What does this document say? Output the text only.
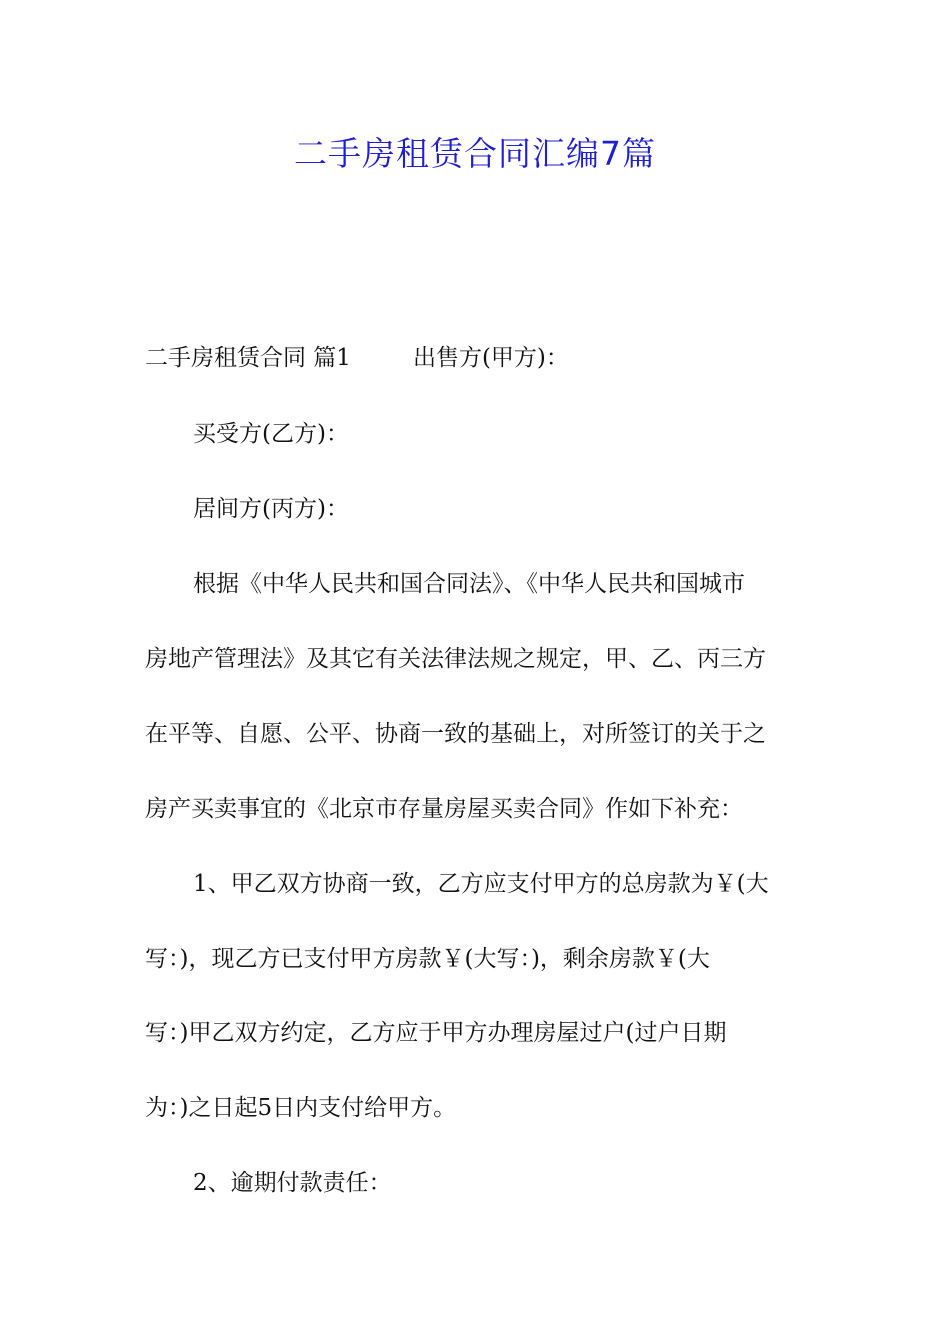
二手房租赁合同汇编7篇
二手房租赁合同 篇1	出售方(甲方)：
买受方(乙方)：
居间方(丙方)：
根据《中华人民共和国合同法》、《中华人民共和国城市
房地产管理法》及其它有关法律法规之规定，甲、乙、丙三方
在平等、自愿、公平、协商一致的基础上，对所签订的关于之
房产买卖事宜的《北京市存量房屋买卖合同》作如下补充：
1、甲乙双方协商一致，乙方应支付甲方的总房款为￥(大
写：)，现乙方已支付甲方房款￥(大写：)，剩余房款￥(大
写：)甲乙双方约定，乙方应于甲方办理房屋过户(过户日期
为：)之日起5日内支付给甲方。
2、逾期付款责任：
